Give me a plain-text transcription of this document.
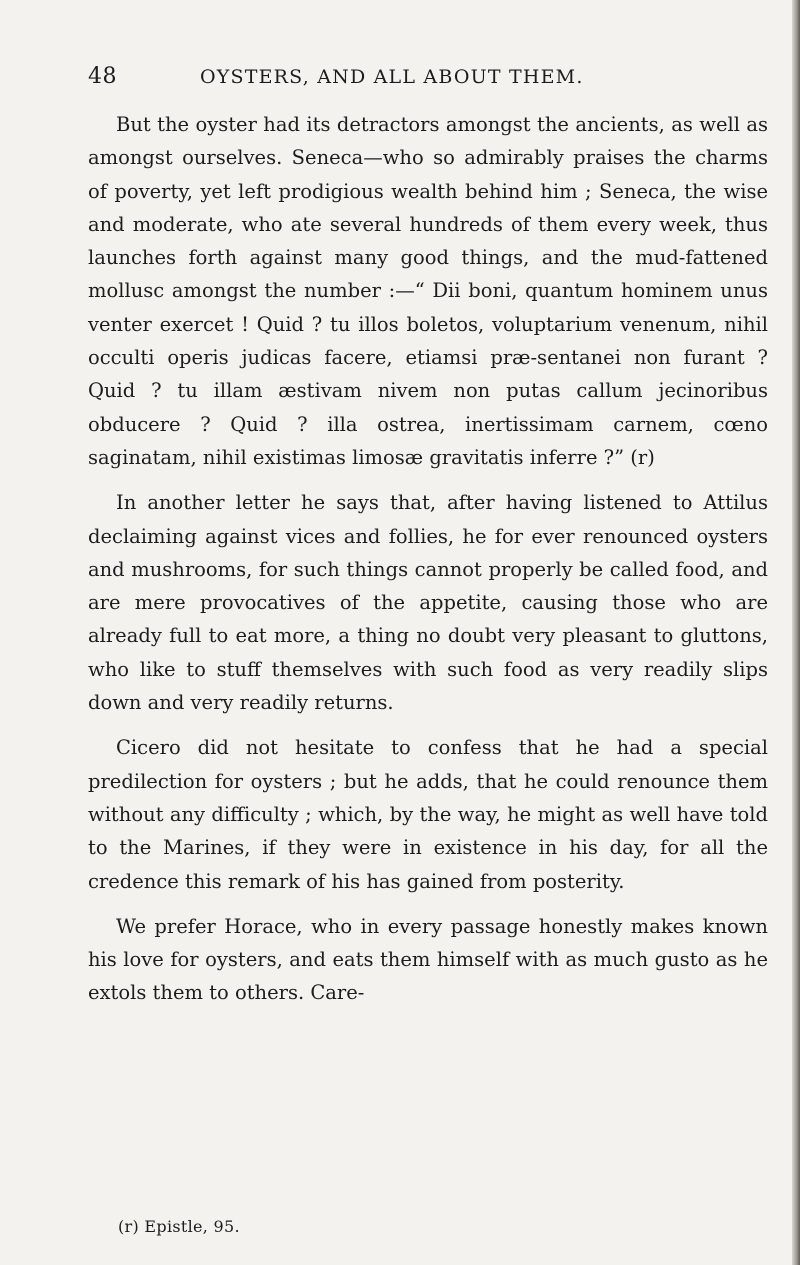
48	OYSTERS, AND ALL ABOUT THEM.

But the oyster had its detractors amongst the ancients, as well as amongst ourselves. Seneca—who so admirably praises the charms of poverty, yet left prodigious wealth behind him ; Seneca, the wise and moderate, who ate several hundreds of them every week, thus launches forth against many good things, and the mud-fattened mollusc amongst the number :—“ Dii boni, quantum hominem unus venter exercet ! Quid ? tu illos boletos, voluptarium venenum, nihil occulti operis judicas facere, etiamsi præ-sentanei non furant ? Quid ? tu illam æstivam nivem non putas callum jecinoribus obducere ? Quid ? illa ostrea, inertissimam carnem, cœno saginatam, nihil existimas limosæ gravitatis inferre ?” (r)

In another letter he says that, after having listened to Attilus declaiming against vices and follies, he for ever renounced oysters and mushrooms, for such things cannot properly be called food, and are mere provocatives of the appetite, causing those who are already full to eat more, a thing no doubt very pleasant to gluttons, who like to stuff themselves with such food as very readily slips down and very readily returns.

Cicero did not hesitate to confess that he had a special predilection for oysters ; but he adds, that he could renounce them without any difficulty ; which, by the way, he might as well have told to the Marines, if they were in existence in his day, for all the credence this remark of his has gained from posterity.

We prefer Horace, who in every passage honestly makes known his love for oysters, and eats them himself with as much gusto as he extols them to others. Care-

(r) Epistle, 95.
